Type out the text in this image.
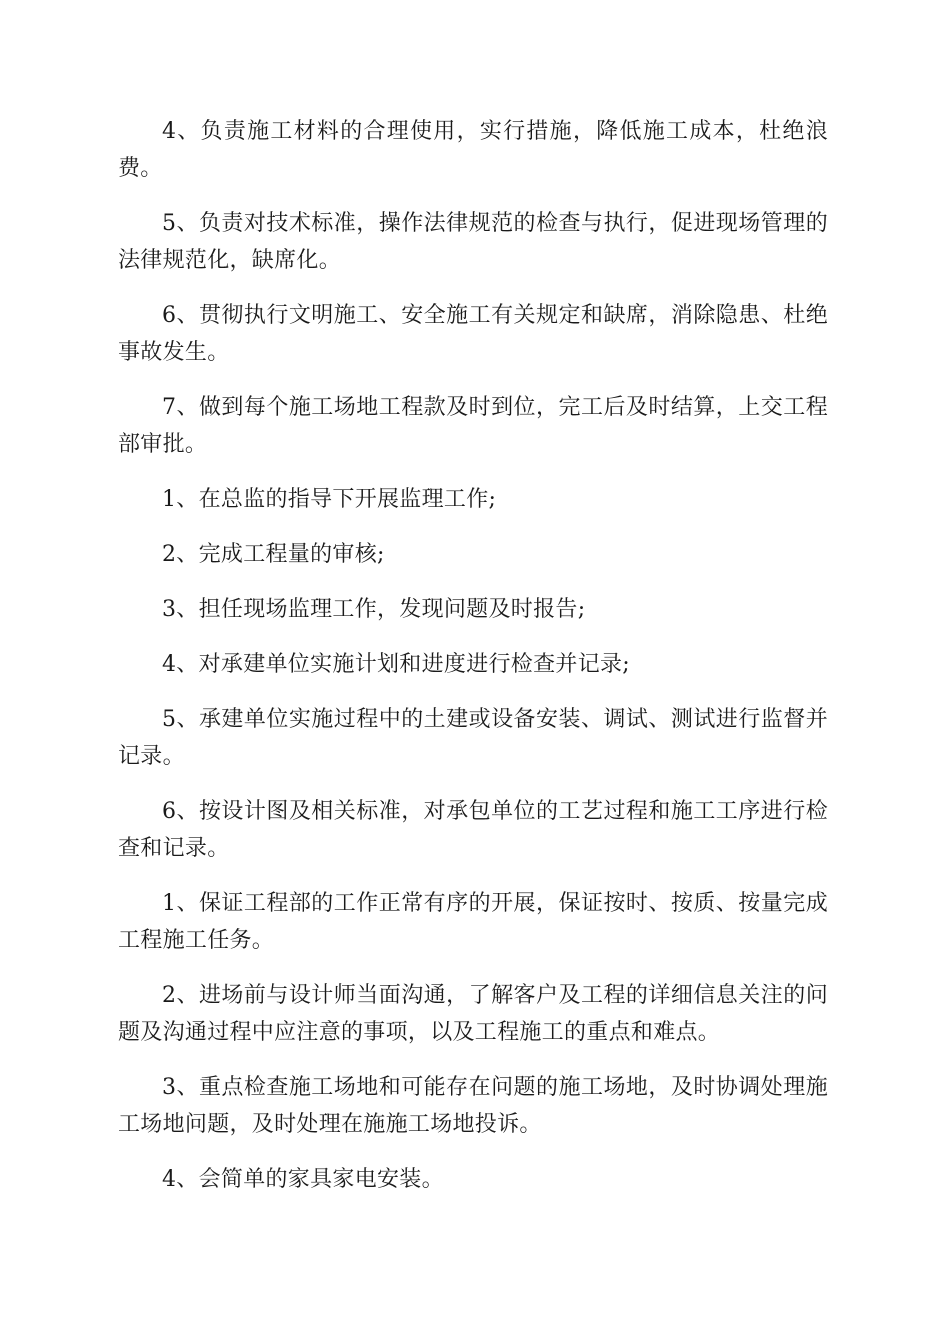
4、负责施工材料的合理使用，实行措施，降低施工成本，杜绝浪费。

5、负责对技术标准，操作法律规范的检查与执行，促进现场管理的法律规范化，缺席化。

6、贯彻执行文明施工、安全施工有关规定和缺席，消除隐患、杜绝事故发生。

7、做到每个施工场地工程款及时到位，完工后及时结算，上交工程部审批。

1、在总监的指导下开展监理工作;

2、完成工程量的审核;

3、担任现场监理工作，发现问题及时报告;

4、对承建单位实施计划和进度进行检查并记录;

5、承建单位实施过程中的土建或设备安装、调试、测试进行监督并记录。

6、按设计图及相关标准，对承包单位的工艺过程和施工工序进行检查和记录。

1、保证工程部的工作正常有序的开展，保证按时、按质、按量完成工程施工任务。

2、进场前与设计师当面沟通，了解客户及工程的详细信息关注的问题及沟通过程中应注意的事项，以及工程施工的重点和难点。

3、重点检查施工场地和可能存在问题的施工场地，及时协调处理施工场地问题，及时处理在施施工场地投诉。

4、会简单的家具家电安装。
